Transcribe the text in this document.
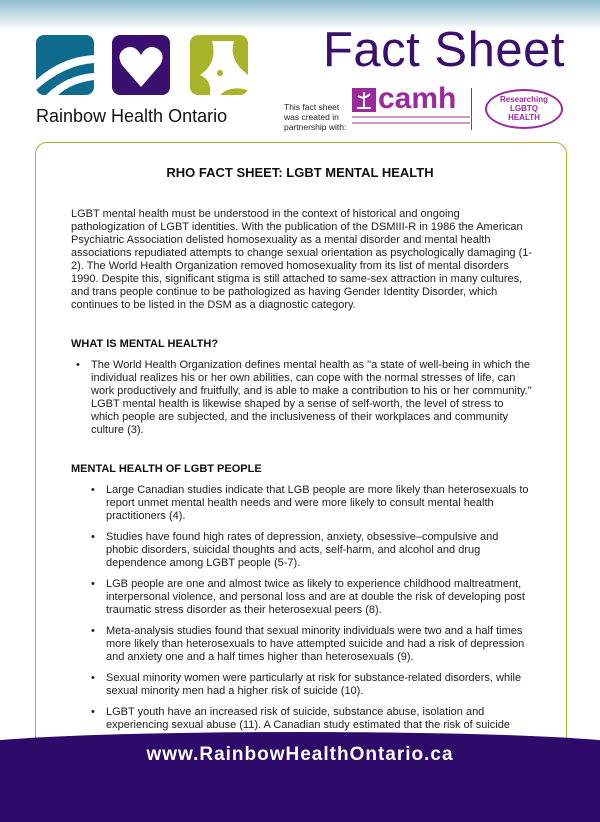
Rainbow Health Ontario
Fact Sheet
This fact sheet
was created in
partnership with:
camh	Researching
LGBTQ
HEALTH
RHO FACT SHEET: LGBT MENTAL HEALTH

LGBT mental health must be understood in the context of historical and ongoing pathologization of LGBT identities. With the publication of the DSMIII-R in 1986 the American Psychiatric Association delisted homosexuality as a mental disorder and mental health associations repudiated attempts to change sexual orientation as psychologically damaging (1-2). The World Health Organization removed homosexuality from its list of mental disorders 1990. Despite this, significant stigma is still attached to same-sex attraction in many cultures, and trans people continue to be pathologized as having Gender Identity Disorder, which continues to be listed in the DSM as a diagnostic category.

WHAT IS MENTAL HEALTH?
• The World Health Organization defines mental health as "a state of well-being in which the individual realizes his or her own abilities, can cope with the normal stresses of life, can work productively and fruitfully, and is able to make a contribution to his or her community." LGBT mental health is likewise shaped by a sense of self-worth, the level of stress to which people are subjected, and the inclusiveness of their workplaces and community culture (3).
MENTAL HEALTH OF LGBT PEOPLE
• Large Canadian studies indicate that LGB people are more likely than heterosexuals to report unmet mental health needs and were more likely to consult mental health practitioners (4).
• Studies have found high rates of depression, anxiety, obsessive–compulsive and phobic disorders, suicidal thoughts and acts, self-harm, and alcohol and drug dependence among LGBT people (5-7).
• LGB people are one and almost twice as likely to experience childhood maltreatment, interpersonal violence, and personal loss and are at double the risk of developing post traumatic stress disorder as their heterosexual peers (8).
• Meta-analysis studies found that sexual minority individuals were two and a half times more likely than heterosexuals to have attempted suicide and had a risk of depression and anxiety one and a half times higher than heterosexuals (9).
• Sexual minority women were particularly at risk for substance-related disorders, while sexual minority men had a higher risk of suicide (10).
• LGBT youth have an increased risk of suicide, substance abuse, isolation and experiencing sexual abuse (11). A Canadian study estimated that the risk of suicide
www.RainbowHealthOntario.ca
